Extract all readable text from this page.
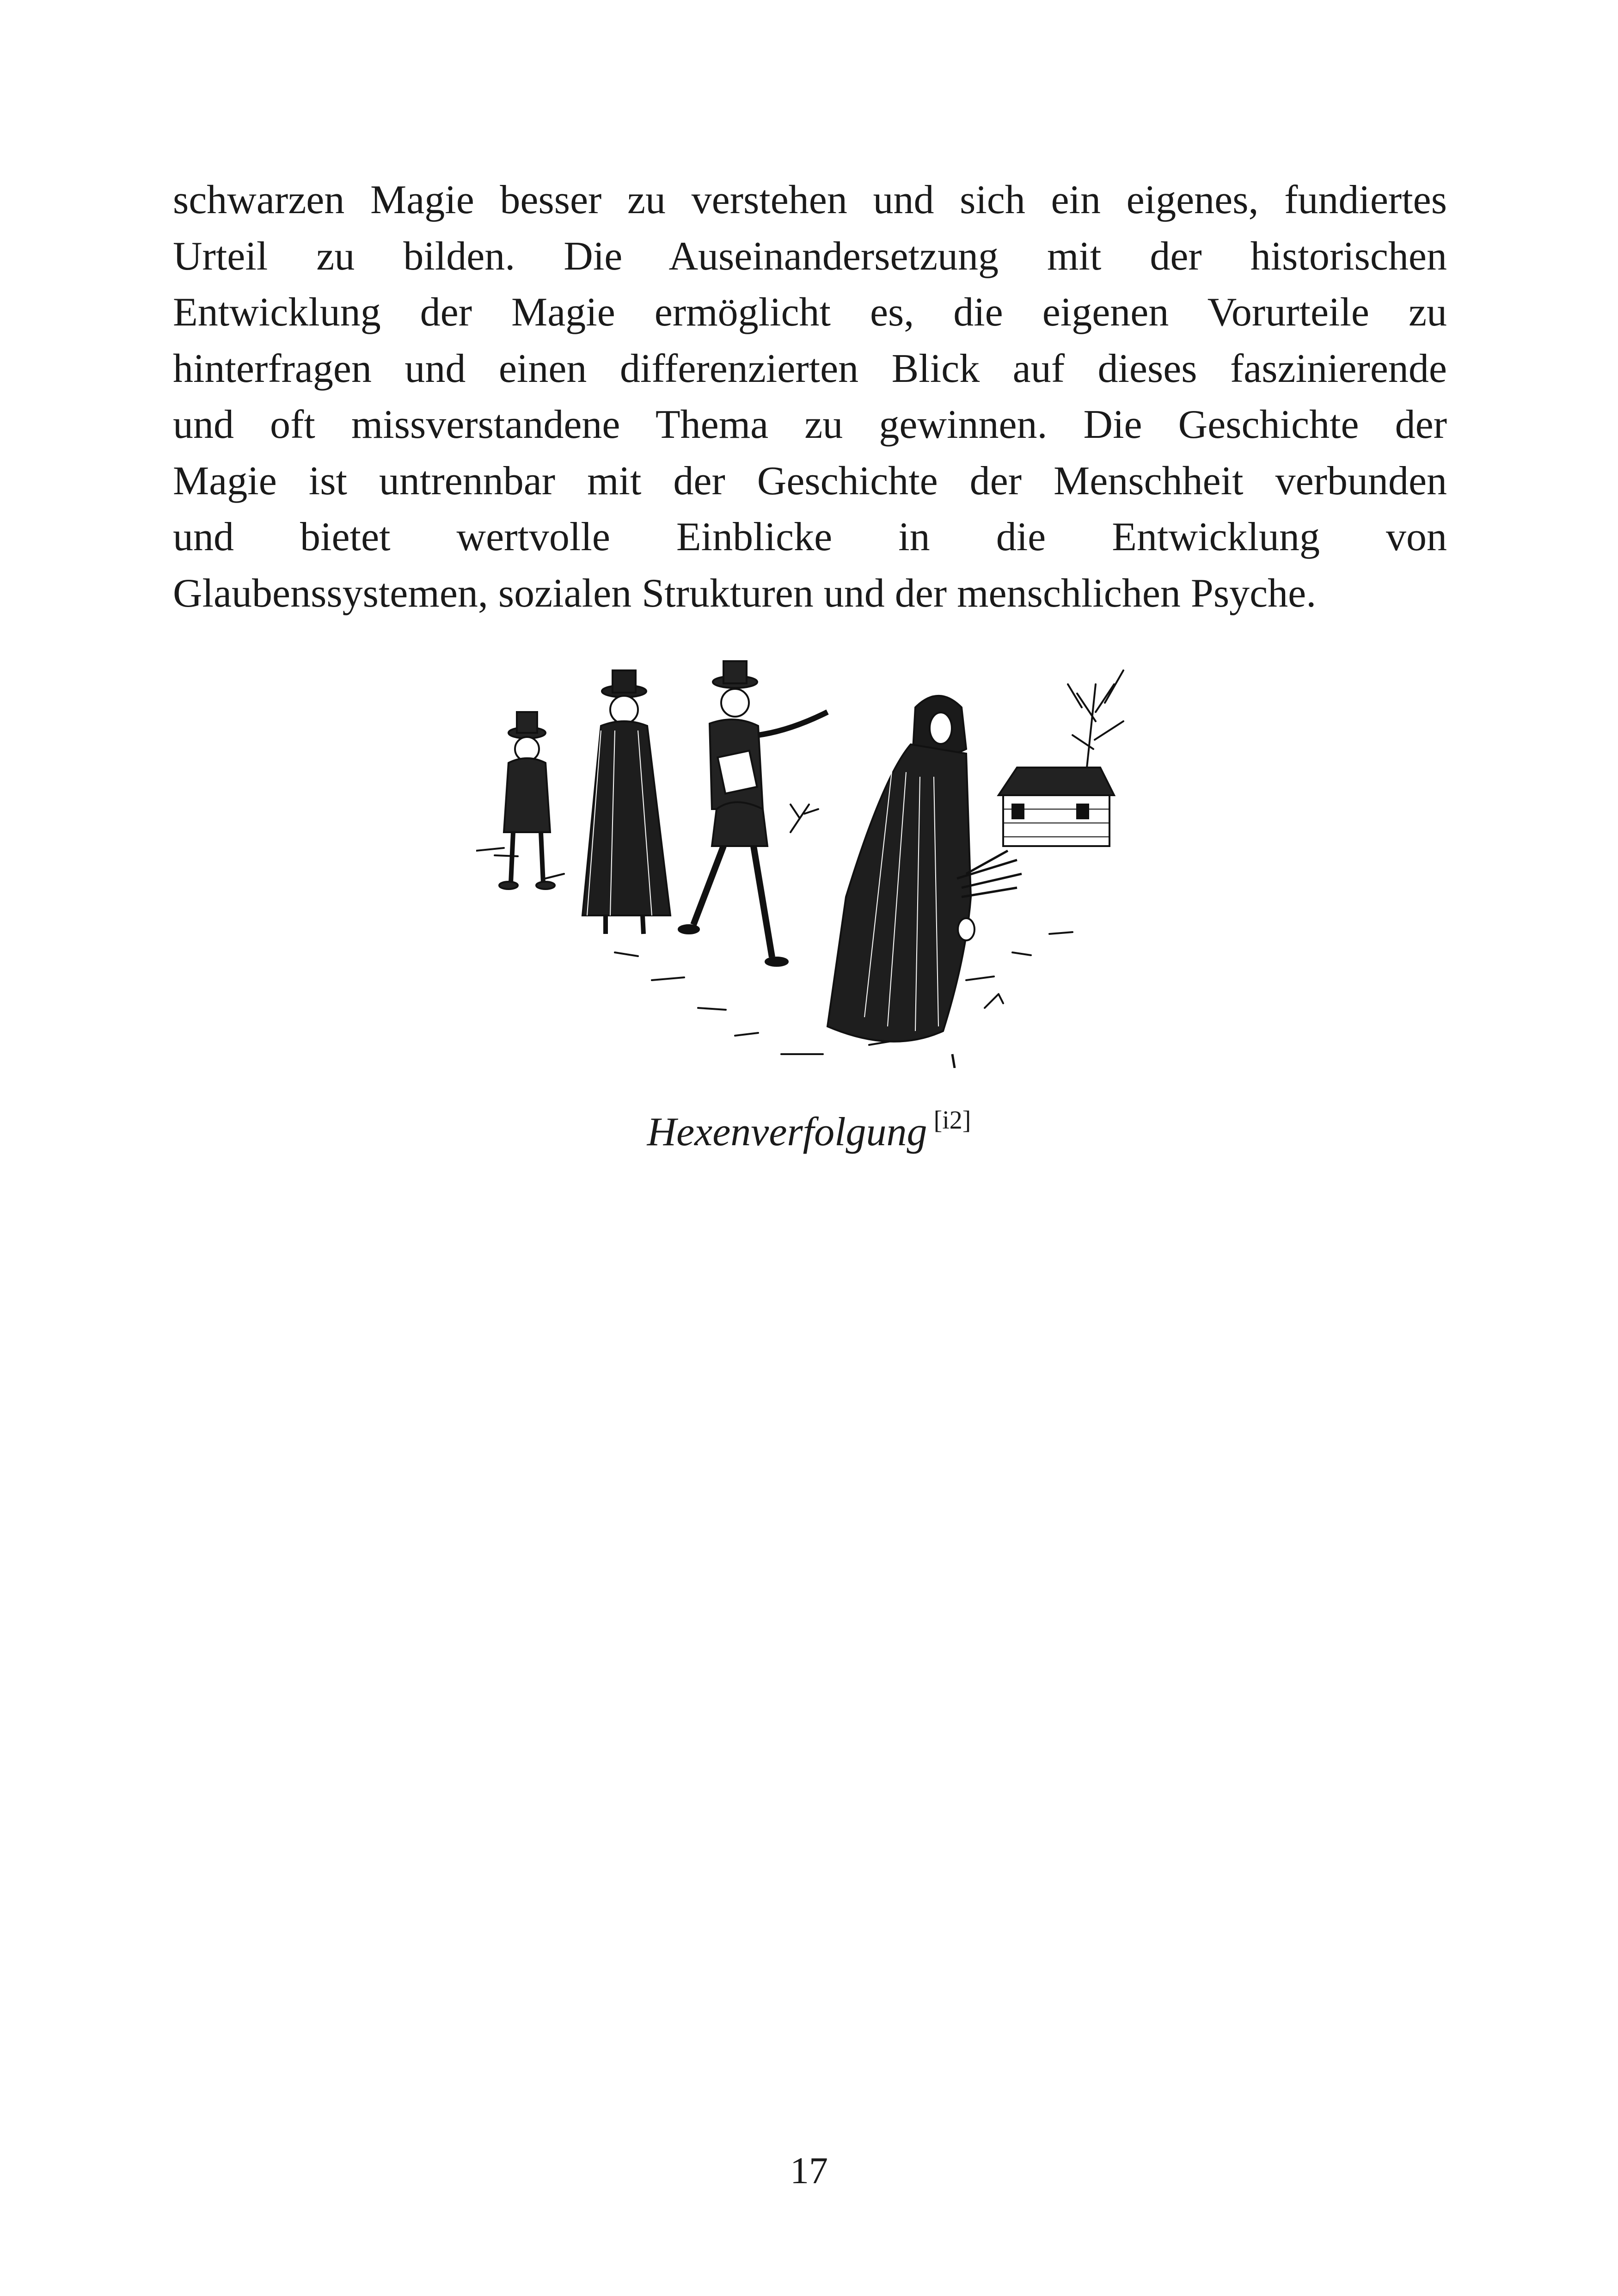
schwarzen Magie besser zu verstehen und sich ein eigenes, fundiertes
Urteil zu bilden. Die Auseinandersetzung mit der historischen
Entwicklung der Magie ermöglicht es, die eigenen Vorurteile zu
hinterfragen und einen differenzierten Blick auf dieses faszinierende
und oft missverstandene Thema zu gewinnen. Die Geschichte der
Magie ist untrennbar mit der Geschichte der Menschheit verbunden
und bietet wertvolle Einblicke in die Entwicklung von
Glaubenssystemen, sozialen Strukturen und der menschlichen Psyche.

Hexenverfolgung [i2]
17
